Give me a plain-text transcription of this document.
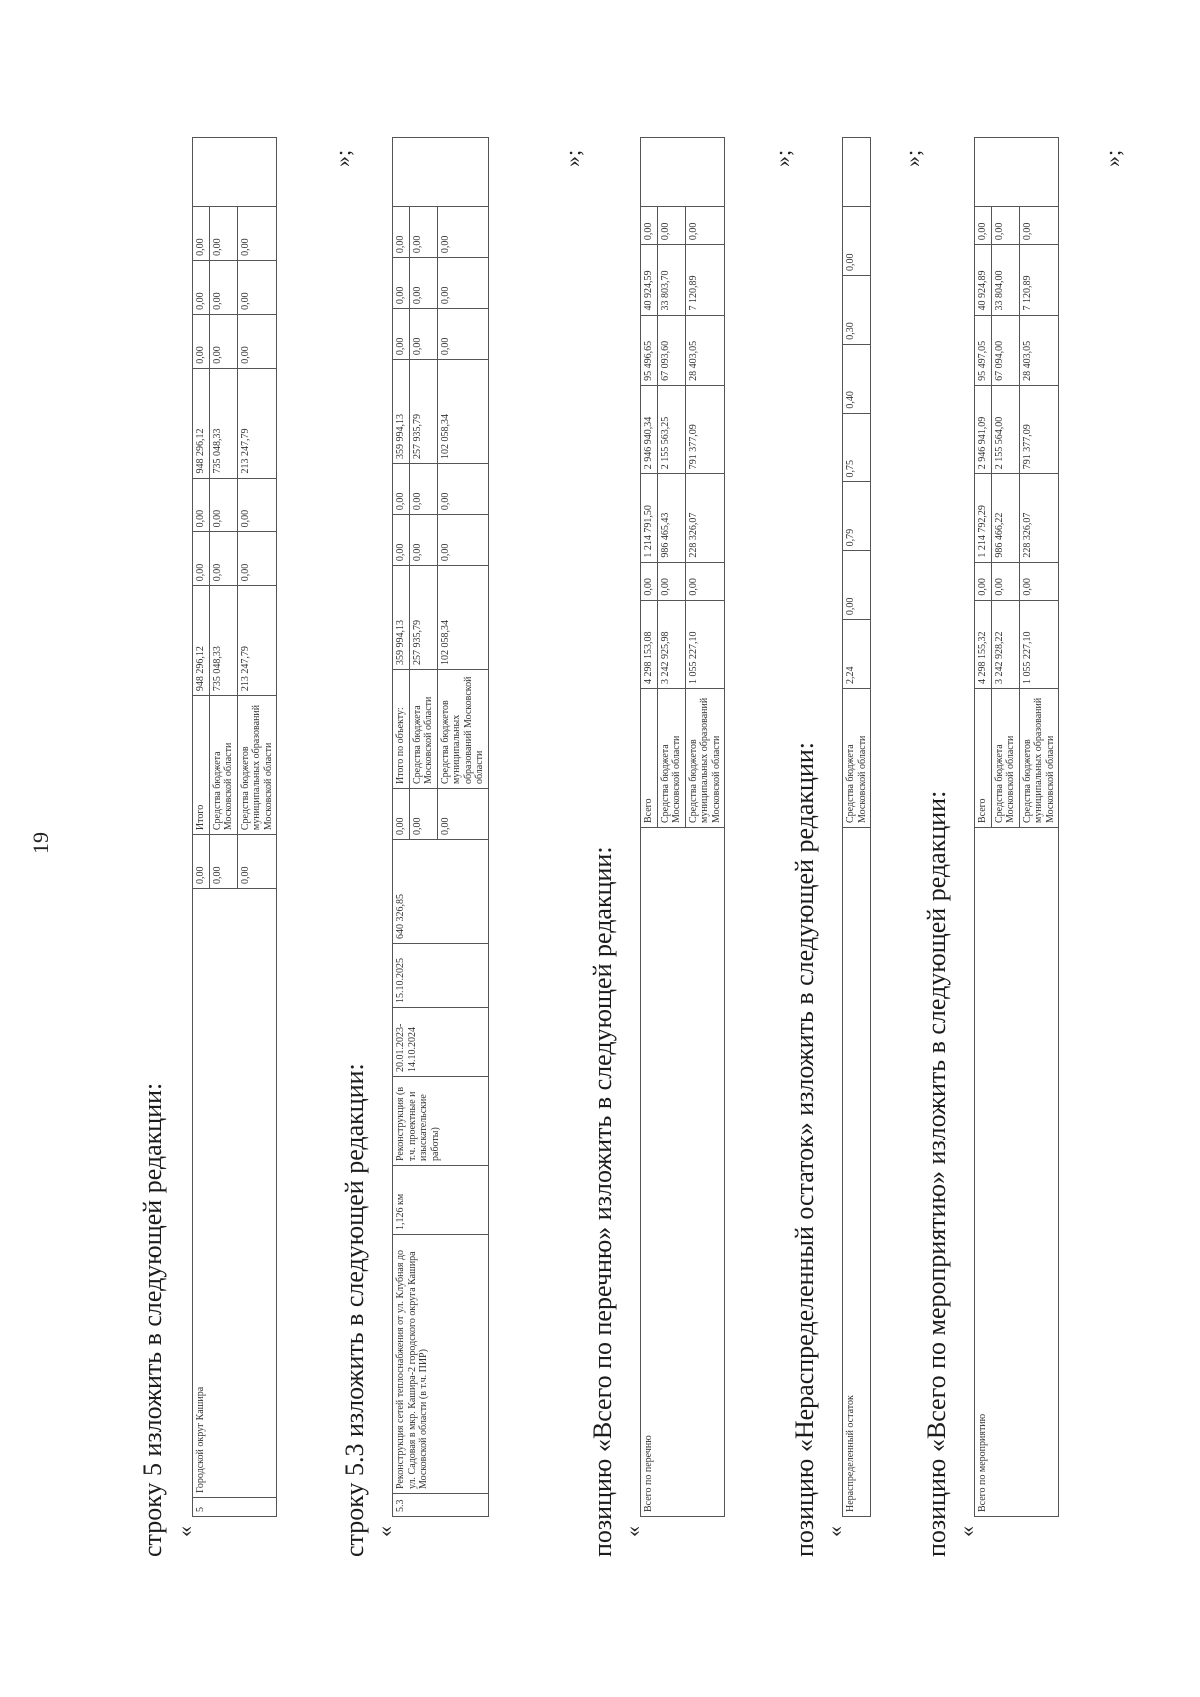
19
строку 5 изложить в следующей редакции: «
5	Городской округ Кашира	0,00	Итого	948 296,12	0,00	0,00	948 296,12	0,00	0,00	0,00	
		0,00	Средства бюджета Московской области	735 048,33	0,00	0,00	735 048,33	0,00	0,00	0,00	
		0,00	Средства бюджетов муниципальных образований Московской области	213 247,79	0,00	0,00	213 247,79	0,00	0,00	0,00	
»;
строку 5.3 изложить в следующей редакции: «
5.3	Реконструкция сетей теплоснабжения от ул. Клубная до ул. Садовая в мкр. Кашира-2 городского округа Кашира Московской области (в т.ч. ПИР)	1,126 км	Реконструкция (в т.ч. проектные и изыскательские работы)	20.01.2023-14.10.2024	15.10.2025	640 326,85	0,00	Итого по объекту:	359 994,13	0,00	0,00	359 994,13	0,00	0,00	0,00	
							0,00	Средства бюджета Московской области	257 935,79	0,00	0,00	257 935,79	0,00	0,00	0,00	
							0,00	Средства бюджетов муниципальных образований Московской области	102 058,34	0,00	0,00	102 058,34	0,00	0,00	0,00	
»;
позицию «Всего по перечню» изложить в следующей редакции: «
Всего по перечню	Всего	4 298 153,08	0,00	1 214 791,50	2 946 940,34	95 496,65	40 924,59	0,00	
	Средства бюджета Московской области	3 242 925,98	0,00	986 465,43	2 155 563,25	67 093,60	33 803,70	0,00	
	Средства бюджетов муниципальных образований Московской области	1 055 227,10	0,00	228 326,07	791 377,09	28 403,05	7 120,89	0,00	
»;
позицию «Нераспределенный остаток» изложить в следующей редакции: «
Нераспределенный остаток	Средства бюджета Московской области	2,24	0,00	0,79	0,75	0,40	0,30	0,00	
»;
позицию «Всего по мероприятию» изложить в следующей редакции: «
Всего по мероприятию	Всего	4 298 155,32	0,00	1 214 792,29	2 946 941,09	95 497,05	40 924,89	0,00	
	Средства бюджета Московской области	3 242 928,22	0,00	986 466,22	2 155 564,00	67 094,00	33 804,00	0,00	
	Средства бюджетов муниципальных образований Московской области	1 055 227,10	0,00	228 326,07	791 377,09	28 403,05	7 120,89	0,00	
»;
